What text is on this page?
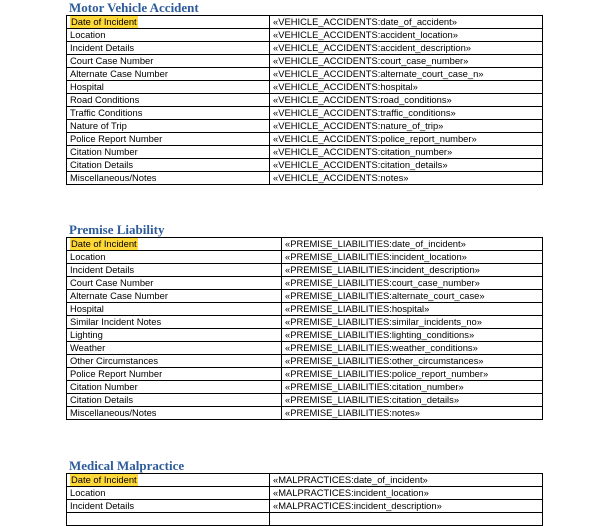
Motor Vehicle Accident
Date of Incident	«VEHICLE_ACCIDENTS:date_of_accident»
Location	«VEHICLE_ACCIDENTS:accident_location»
Incident Details	«VEHICLE_ACCIDENTS:accident_description»
Court Case Number	«VEHICLE_ACCIDENTS:court_case_number»
Alternate Case Number	«VEHICLE_ACCIDENTS:alternate_court_case_n»
Hospital	«VEHICLE_ACCIDENTS:hospital»
Road Conditions	«VEHICLE_ACCIDENTS:road_conditions»
Traffic Conditions	«VEHICLE_ACCIDENTS:traffic_conditions»
Nature of Trip	«VEHICLE_ACCIDENTS:nature_of_trip»
Police Report Number	«VEHICLE_ACCIDENTS:police_report_number»
Citation Number	«VEHICLE_ACCIDENTS:citation_number»
Citation Details	«VEHICLE_ACCIDENTS:citation_details»
Miscellaneous/Notes	«VEHICLE_ACCIDENTS:notes»
Premise Liability
Date of Incident	«PREMISE_LIABILITIES:date_of_incident»
Location	«PREMISE_LIABILITIES:incident_location»
Incident Details	«PREMISE_LIABILITIES:incident_description»
Court Case Number	«PREMISE_LIABILITIES:court_case_number»
Alternate Case Number	«PREMISE_LIABILITIES:alternate_court_case»
Hospital	«PREMISE_LIABILITIES:hospital»
Similar Incident Notes	«PREMISE_LIABILITIES:similar_incidents_no»
Lighting	«PREMISE_LIABILITIES:lighting_conditions»
Weather	«PREMISE_LIABILITIES:weather_conditions»
Other Circumstances	«PREMISE_LIABILITIES:other_circumstances»
Police Report Number	«PREMISE_LIABILITIES:police_report_number»
Citation Number	«PREMISE_LIABILITIES:citation_number»
Citation Details	«PREMISE_LIABILITIES:citation_details»
Miscellaneous/Notes	«PREMISE_LIABILITIES:notes»
Medical Malpractice
Date of Incident	«MALPRACTICES:date_of_incident»
Location	«MALPRACTICES:incident_location»
Incident Details	«MALPRACTICES:incident_description»
